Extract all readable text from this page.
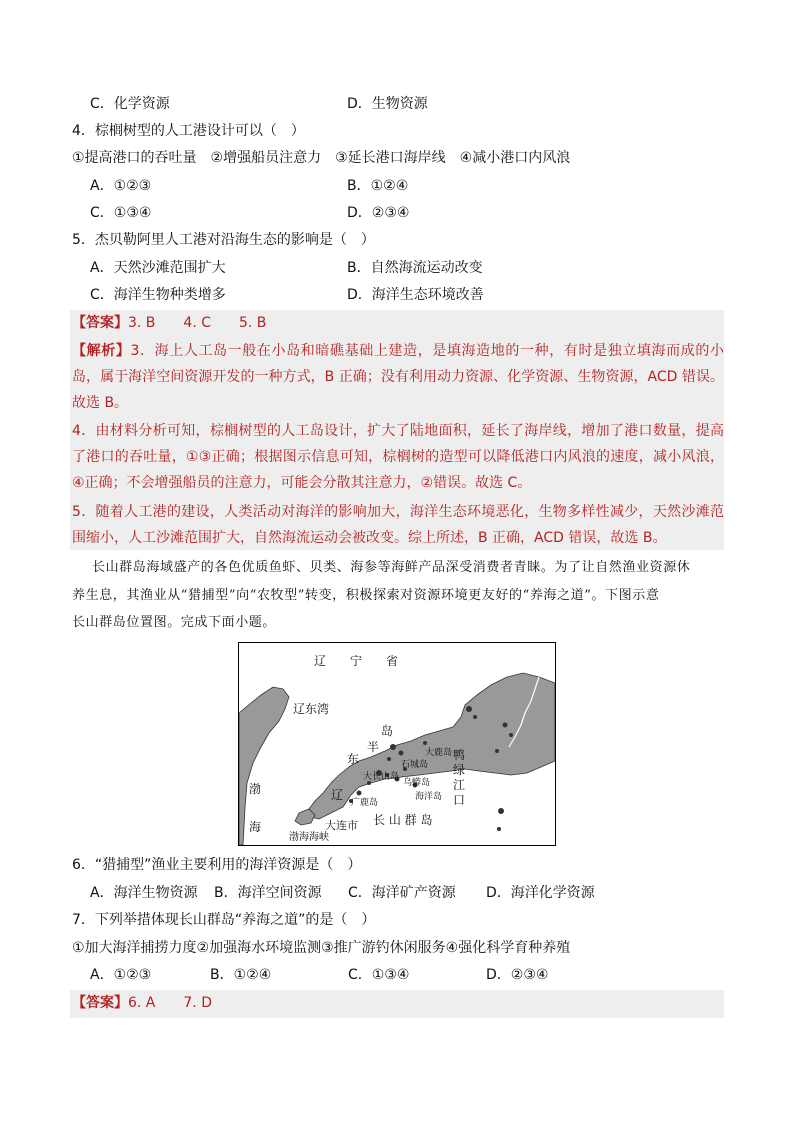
C．化学资源	D．生物资源
4．棕榈树型的人工港设计可以（　）
①提高港口的吞吐量　②增强船员注意力　③延长港口海岸线　④减小港口内风浪
A．①②③	B．①②④
C．①③④	D．②③④
5．杰贝勒阿里人工港对沿海生态的影响是（　）
A．天然沙滩范围扩大	B．自然海流运动改变
C．海洋生物种类增多	D．海洋生态环境改善
【答案】3. B　　4. C　　5. B
【解析】3．海上人工岛一般在小岛和暗礁基础上建造，是填海造地的一种，有时是独立填海而成的小岛，属于海洋空间资源开发的一种方式，B 正确；没有利用动力资源、化学资源、生物资源，ACD 错误。故选 B。
4．由材料分析可知，棕榈树型的人工岛设计，扩大了陆地面积，延长了海岸线，增加了港口数量，提高了港口的吞吐量，①③正确；根据图示信息可知，棕榈树的造型可以降低港口内风浪的速度，减小风浪，④正确；不会增强船员的注意力，可能会分散其注意力，②错误。故选 C。
5．随着人工港的建设，人类活动对海洋的影响加大，海洋生态环境恶化，生物多样性减少，天然沙滩范围缩小，人工沙滩范围扩大，自然海流运动会被改变。综上所述，B 正确，ACD 错误，故选 B。
长山群岛海域盛产的各色优质鱼虾、贝类、海参等海鲜产品深受消费者青睐。为了让自然渔业资源休
养生息，其渔业从“猎捕型”向“农牧型”转变，积极探索对资源环境更友好的“养海之道”。下图示意
长山群岛位置图。完成下面小题。
辽　　宁　　省
辽东湾
岛
半
东
辽
渤
海	大连市
渤海海峡
长 山 群 岛
大鹿岛
石城岛
大长山岛
乌蟒岛
海洋岛
广鹿岛
鸭
绿
江
口
6．“猎捕型”渔业主要利用的海洋资源是（　）
A．海洋生物资源 B．海洋空间资源 C．海洋矿产资源 D．海洋化学资源
7．下列举措体现长山群岛“养海之道”的是（　）
①加大海洋捕捞力度②加强海水环境监测③推广游钓休闲服务④强化科学育种养殖
A．①②③	B．①②④	C．①③④	D．②③④
【答案】6. A　　7. D
